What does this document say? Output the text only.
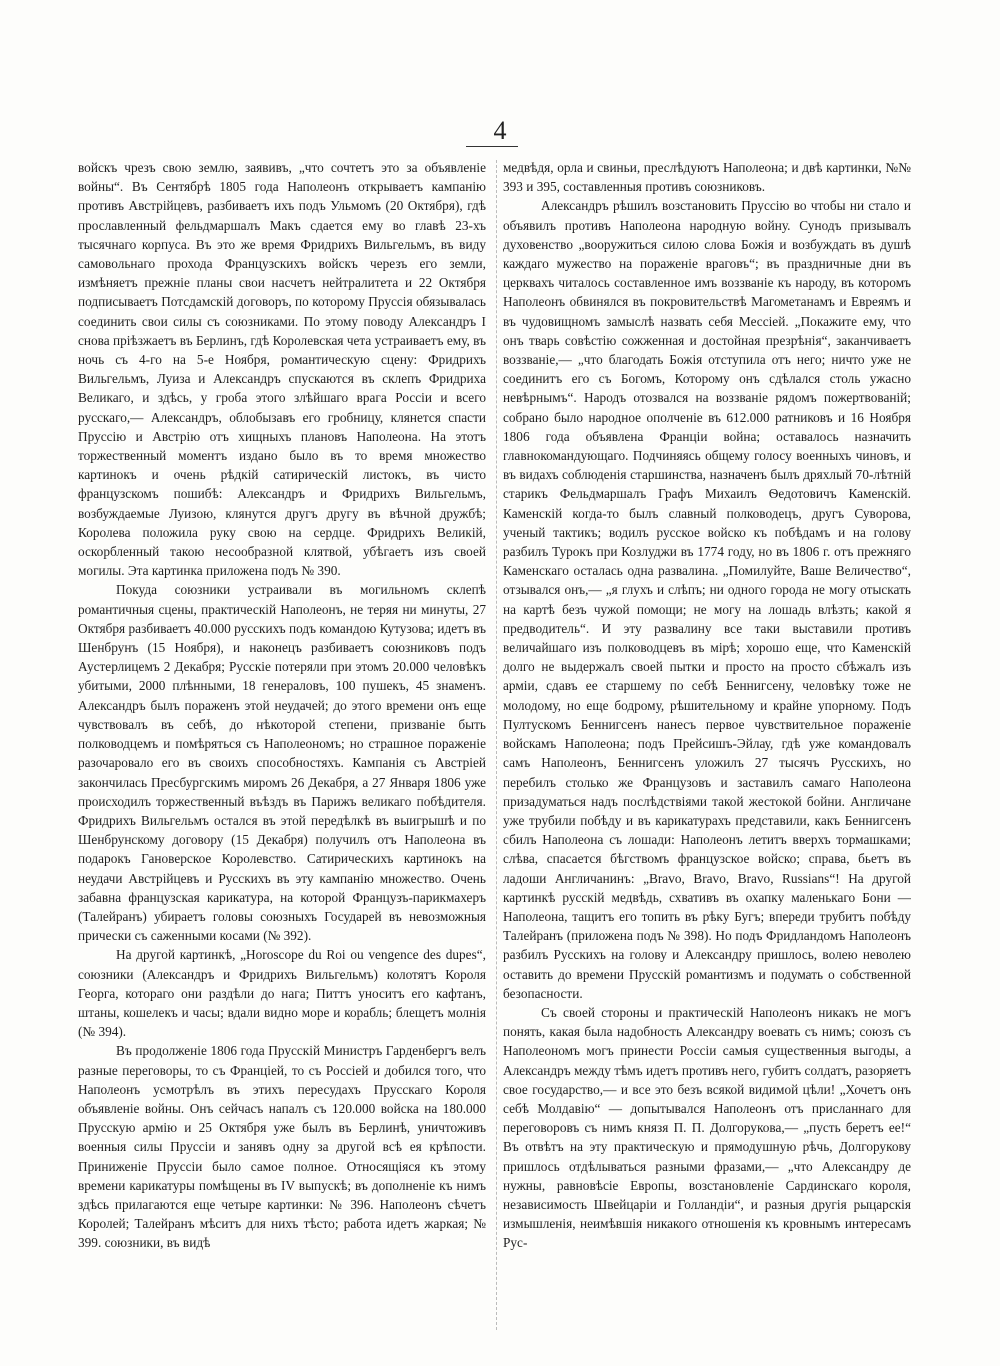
4

войскъ чрезъ свою землю, заявивъ, „что сочтетъ это за объявленіе войны“. Въ Сентябрѣ 1805 года Наполеонъ открываетъ кампанію противъ Австрійцевъ, разбиваетъ ихъ подъ Ульмомъ (20 Октября), гдѣ прославленный фельдмаршалъ Макъ сдается ему во главѣ 23-хъ тысячнаго корпуса. Въ это же время Фридрихъ Вильгельмъ, въ виду самовольнаго прохода Французскихъ войскъ черезъ его земли, измѣняетъ прежніе планы свои насчетъ нейтралитета и 22 Октября подписываетъ Потсдамскій договоръ, по которому Пруссія обязывалась соединить свои силы съ союзниками. По этому поводу Александръ I снова пріѣзжаетъ въ Берлинъ, гдѣ Королевская чета устраиваетъ ему, въ ночь съ 4-го на 5-е Ноября, романтическую сцену: Фридрихъ Вильгельмъ, Луиза и Александръ спускаются въ склепъ Фридриха Великаго, и здѣсь, у гроба этого злѣйшаго врага Россіи и всего русскаго,— Александръ, облобызавъ его гробницу, клянется спасти Пруссію и Австрію отъ хищныхъ плановъ Наполеона. На этотъ торжественный моментъ издано было въ то время множество картинокъ и очень рѣдкій сатирическій листокъ, въ чисто французскомъ пошибѣ: Александръ и Фридрихъ Вильгельмъ, возбуждаемые Луизою, клянутся другъ другу въ вѣчной дружбѣ; Королева положила руку свою на сердце. Фридрихъ Великій, оскорбленный такою несообразной клятвой, убѣгаетъ изъ своей могилы. Эта картинка приложена подъ № 390.

Покуда союзники устраивали въ могильномъ склепѣ романтичныя сцены, практическій Наполеонъ, не теряя ни минуты, 27 Октября разбиваетъ 40.000 русскихъ подъ командою Кутузова; идетъ въ Шенбрунъ (15 Ноября), и наконецъ разбиваетъ союзниковъ подъ Аустерлицемъ 2 Декабря; Русскіе потеряли при этомъ 20.000 человѣкъ убитыми, 2000 плѣнными, 18 генераловъ, 100 пушекъ, 45 знаменъ. Александръ былъ пораженъ этой неудачей; до этого времени онъ еще чувствовалъ въ себѣ, до нѣкоторой степени, призваніе быть полководцемъ и помѣряться съ Наполеономъ; но страшное пораженіе разочаровало его въ своихъ способностяхъ. Кампанія съ Австріей закончилась Пресбургскимъ миромъ 26 Декабря, а 27 Января 1806 уже происходилъ торжественный въѣздъ въ Парижъ великаго побѣдителя. Фридрихъ Вильгельмъ остался въ этой передѣлкѣ въ выигрышѣ и по Шенбрунскому договору (15 Декабря) получилъ отъ Наполеона въ подарокъ Гановерское Королевство. Сатирическихъ картинокъ на неудачи Австрійцевъ и Русскихъ въ эту кампанію множество. Очень забавна французская карикатура, на которой Французъ-парикмахеръ (Талейранъ) убираетъ головы союзныхъ Государей въ невозможныя прически съ саженными косами (№ 392).

На другой картинкѣ, „Horoscope du Roi ou vengence des dupes“, союзники (Александръ и Фридрихъ Вильгельмъ) колотятъ Короля Георга, котораго они раздѣли до нага; Питтъ уноситъ его кафтанъ, штаны, кошелекъ и часы; вдали видно море и корабль; блещетъ молнія (№ 394).

Въ продолженіе 1806 года Прусскій Министръ Гарденбергъ велъ разные переговоры, то съ Франціей, то съ Россіей и добился того, что Наполеонъ усмотрѣлъ въ этихъ пересудахъ Прусскаго Короля объявленіе войны. Онъ сейчасъ напалъ съ 120.000 войска на 180.000 Прусскую армію и 25 Октября уже былъ въ Берлинѣ, уничтоживъ военныя силы Пруссіи и занявъ одну за другой всѣ ея крѣпости. Приниженіе Пруссіи было самое полное. Относящіяся къ этому времени карикатуры помѣщены въ IV выпускѣ; въ дополненіе къ нимъ здѣсь прилагаются еще четыре картинки: № 396. Наполеонъ сѣчетъ Королей; Талейранъ мѣситъ для нихъ тѣсто; работа идетъ жаркая; № 399. союзники, въ видѣ

медвѣдя, орла и свиньи, преслѣдуютъ Наполеона; и двѣ картинки, №№ 393 и 395, составленныя противъ союзниковъ.

Александръ рѣшилъ возстановить Пруссію во чтобы ни стало и объявилъ противъ Наполеона народную войну. Сунодъ призывалъ духовенство „вооружиться силою слова Божія и возбуждать въ душѣ каждаго мужество на пораженіе враговъ“; въ праздничные дни въ церквахъ читалось составленное имъ воззваніе къ народу, въ которомъ Наполеонъ обвинялся въ покровительствѣ Магометанамъ и Евреямъ и въ чудовищномъ замыслѣ назвать себя Мессіей. „Покажите ему, что онъ тварь совѣстію сожженная и достойная презрѣнія“, заканчиваетъ воззваніе,— „что благодать Божія отступила отъ него; ничто уже не соединитъ его съ Богомъ, Которому онъ сдѣлался столь ужасно невѣрнымъ“. Народъ отозвался на воззваніе рядомъ пожертвованій; собрано было народное ополченіе въ 612.000 ратниковъ и 16 Ноября 1806 года объявлена Франціи война; оставалось назначить главнокомандующаго. Подчиняясь общему голосу военныхъ чиновъ, и въ видахъ соблюденія старшинства, назначенъ былъ дряхлый 70-лѣтній старикъ Фельдмаршалъ Графъ Михаилъ Ѳедотовичъ Каменскій. Каменскій когда-то былъ славный полководецъ, другъ Суворова, ученый тактикъ; водилъ русское войско къ побѣдамъ и на голову разбилъ Турокъ при Козлуджи въ 1774 году, но въ 1806 г. отъ прежняго Каменскаго осталась одна развалина. „Помилуйте, Ваше Величество“, отзывался онъ,— „я глухъ и слѣпъ; ни одного города не могу отыскать на картѣ безъ чужой помощи; не могу на лошадь влѣзть; какой я предводитель“. И эту развалину все таки выставили противъ величайшаго изъ полководцевъ въ мірѣ; хорошо еще, что Каменскій долго не выдержалъ своей пытки и просто на просто сбѣжалъ изъ арміи, сдавъ ее старшему по себѣ Беннигсену, человѣку тоже не молодому, но еще бодрому, рѣшительному и крайне упорному. Подъ Пултускомъ Беннигсенъ нанесъ первое чувствительное пораженіе войскамъ Наполеона; подъ Прейсишъ-Эйлау, гдѣ уже командовалъ самъ Наполеонъ, Беннигсенъ уложилъ 27 тысячъ Русскихъ, но перебилъ столько же Французовъ и заставилъ самаго Наполеона призадуматься надъ послѣдствіями такой жестокой бойни. Англичане уже трубили побѣду и въ карикатурахъ представили, какъ Беннигсенъ сбилъ Наполеона съ лошади: Наполеонъ летитъ вверхъ тормашками; слѣва, спасается бѣгствомъ французское войско; справа, бьетъ въ ладоши Англичанинъ: „Bravo, Bravo, Bravo, Russians“! На другой картинкѣ русскій медвѣдь, схвативъ въ охапку маленькаго Бони — Наполеона, тащитъ его топить въ рѣку Бугъ; впереди трубитъ побѣду Талейранъ (приложена подъ № 398). Но подъ Фридландомъ Наполеонъ разбилъ Русскихъ на голову и Александру пришлось, волею неволею оставить до времени Прусскій романтизмъ и подумать о собственной безопасности.

Съ своей стороны и практическій Наполеонъ никакъ не могъ понять, какая была надобность Александру воевать съ нимъ; союзъ съ Наполеономъ могъ принести Россіи самыя существенныя выгоды, а Александръ между тѣмъ идетъ противъ него, губитъ солдатъ, разоряетъ свое государство,— и все это безъ всякой видимой цѣли! „Хочетъ онъ себѣ Молдавію“ — допытывался Наполеонъ отъ присланнаго для переговоровъ съ нимъ князя П. П. Долгорукова,— „пусть беретъ ее!“ Въ отвѣтъ на эту практическую и прямодушную рѣчь, Долгорукову пришлось отдѣлываться разными фразами,— „что Александру де нужны, равновѣсіе Европы, возстановленіе Сардинскаго короля, независимость Швейцаріи и Голландіи“, и разныя другія рыцарскія измышленія, неимѣвшія никакого отношенія къ кровнымъ интересамъ Рус-
